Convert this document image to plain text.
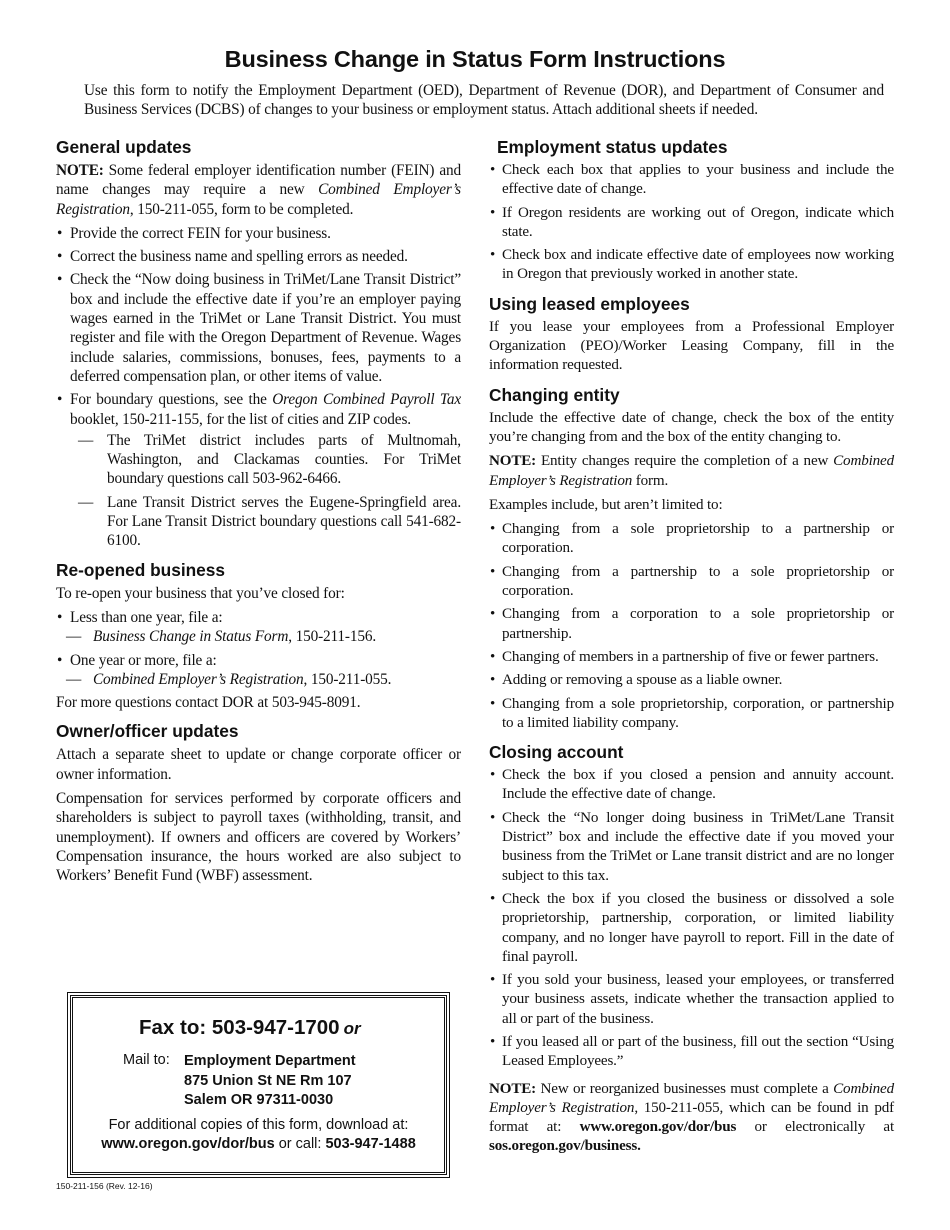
Business Change in Status Form Instructions

Use this form to notify the Employment Department (OED), Department of Revenue (DOR), and Department of Consumer and Business Services (DCBS) of changes to your business or employment status. Attach additional sheets if needed.

General updates

NOTE: Some federal employer identification number (FEIN) and name changes may require a new Combined Employer’s Registration, 150-211-055, form to be completed.

• Provide the correct FEIN for your business.
• Correct the business name and spelling errors as needed.
• Check the “Now doing business in TriMet/Lane Transit District” box and include the effective date if you’re an employer paying wages earned in the TriMet or Lane Transit District. You must register and file with the Oregon Department of Revenue. Wages include salaries, commissions, bonuses, fees, payments to a deferred compensation plan, or other items of value.
• For boundary questions, see the Oregon Combined Payroll Tax booklet, 150-211-155, for the list of cities and ZIP codes.
— The TriMet district includes parts of Multnomah, Washington, and Clackamas counties. For TriMet boundary questions call 503-962-6466.
— Lane Transit District serves the Eugene-Springfield area. For Lane Transit District boundary questions call 541-682-6100.
Re-opened business

To re-open your business that you’ve closed for:

• Less than one year, file a:
— Business Change in Status Form, 150-211-156.
• One year or more, file a:
— Combined Employer’s Registration, 150-211-055.

For more questions contact DOR at 503-945-8091.

Owner/officer updates

Attach a separate sheet to update or change corporate officer or owner information.

Compensation for services performed by corporate officers and shareholders is subject to payroll taxes (withholding, transit, and unemployment). If owners and officers are covered by Workers’ Compensation insurance, the hours worked are also subject to Workers’ Benefit Fund (WBF) assessment.

Employment status updates
• Check each box that applies to your business and include the effective date of change.
• If Oregon residents are working out of Oregon, indicate which state.
• Check box and indicate effective date of employees now working in Oregon that previously worked in another state.
Using leased employees

If you lease your employees from a Professional Employer Organization (PEO)/Worker Leasing Company, fill in the information requested.

Changing entity

Include the effective date of change, check the box of the entity you’re changing from and the box of the entity changing to.

NOTE: Entity changes require the completion of a new Combined Employer’s Registration form.

Examples include, but aren’t limited to:

• Changing from a sole proprietorship to a partnership or corporation.
• Changing from a partnership to a sole proprietorship or corporation.
• Changing from a corporation to a sole proprietorship or partnership.
• Changing of members in a partnership of five or fewer partners.
• Adding or removing a spouse as a liable owner.
• Changing from a sole proprietorship, corporation, or partnership to a limited liability company.
Closing account
• Check the box if you closed a pension and annuity account. Include the effective date of change.
• Check the “No longer doing business in TriMet/Lane Transit District” box and include the effective date if you moved your business from the TriMet or Lane transit district and are no longer subject to this tax.
• Check the box if you closed the business or dissolved a sole proprietorship, partnership, corporation, or limited liability company, and no longer have payroll to report. Fill in the date of final payroll.
• If you sold your business, leased your employees, or transferred your business assets, indicate whether the transaction applied to all or part of the business.
• If you leased all or part of the business, fill out the section “Using Leased Employees.”

NOTE: New or reorganized businesses must complete a Combined Employer’s Registration, 150-211-055, which can be found in pdf format at: www.oregon.gov/dor/bus or electronically at sos.oregon.gov/business.

Fax to: 503-947-1700 or
Mail to: Employment Department
875 Union St NE Rm 107
Salem OR 97311-0030
For additional copies of this form, download at:
www.oregon.gov/dor/bus or call: 503-947-1488
150-211-156 (Rev. 12-16)
